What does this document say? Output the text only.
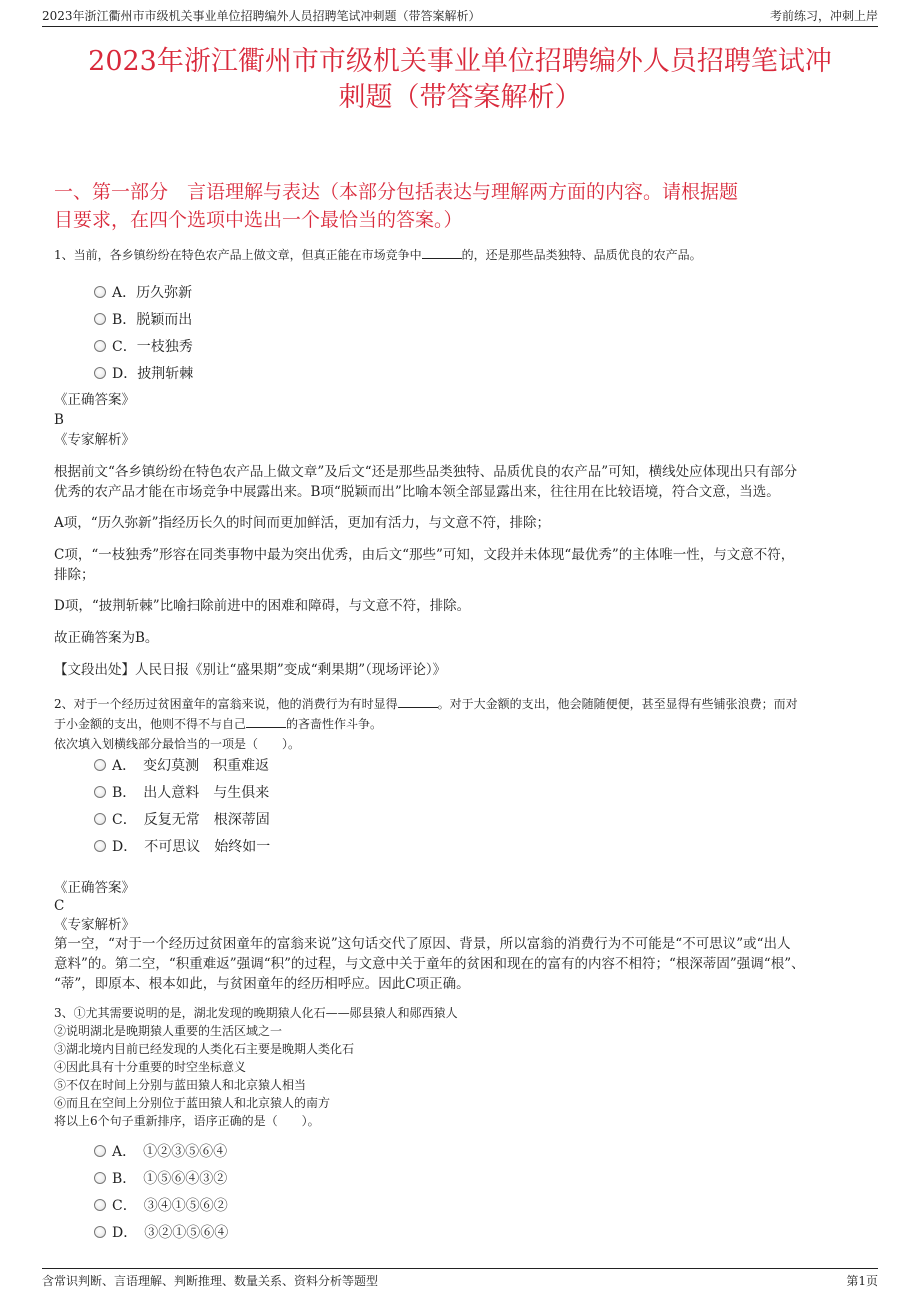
2023年浙江衢州市市级机关事业单位招聘编外人员招聘笔试冲刺题（带答案解析）	考前练习，冲刺上岸
2023年浙江衢州市市级机关事业单位招聘编外人员招聘笔试冲
刺题（带答案解析）
一、第一部分　言语理解与表达（本部分包括表达与理解两方面的内容。请根据题
目要求，在四个选项中选出一个最恰当的答案。）
1、当前，各乡镇纷纷在特色农产品上做文章，但真正能在市场竞争中	的，还是那些品类独特、品质优良的农产品。
A．历久弥新
B．脱颖而出
C．一枝独秀
D．披荆斩棘
《正确答案》
B
《专家解析》
根据前文“各乡镇纷纷在特色农产品上做文章”及后文“还是那些品类独特、品质优良的农产品”可知，横线处应体现出只有部分
优秀的农产品才能在市场竞争中展露出来。B项“脱颖而出”比喻本领全部显露出来，往往用在比较语境，符合文意，当选。
A项，“历久弥新”指经历长久的时间而更加鲜活，更加有活力，与文意不符，排除；
C项，“一枝独秀”形容在同类事物中最为突出优秀，由后文“那些”可知，文段并未体现“最优秀”的主体唯一性，与文意不符，
排除；
D项，“披荆斩棘”比喻扫除前进中的困难和障碍，与文意不符，排除。
故正确答案为B。
【文段出处】人民日报《别让“盛果期”变成“剩果期”（现场评论）》
2、对于一个经历过贫困童年的富翁来说，他的消费行为有时显得	。对于大金额的支出，他会随随便便，甚至显得有些铺张浪费；而对
于小金额的支出，他则不得不与自己	的吝啬性作斗争。
依次填入划横线部分最恰当的一项是（　　）。
A．　变幻莫测　积重难返
B．　出人意料　与生俱来
C．　反复无常　根深蒂固
D．　不可思议　始终如一
《正确答案》
C
《专家解析》
第一空，“对于一个经历过贫困童年的富翁来说”这句话交代了原因、背景，所以富翁的消费行为不可能是“不可思议”或“出人
意料”的。第二空，“积重难返”强调“积”的过程，与文意中关于童年的贫困和现在的富有的内容不相符；“根深蒂固”强调“根”、
“蒂”，即原本、根本如此，与贫困童年的经历相呼应。因此C项正确。
3、①尤其需要说明的是，湖北发现的晚期猿人化石——郧县猿人和郧西猿人
②说明湖北是晚期猿人重要的生活区域之一
③湖北境内目前已经发现的人类化石主要是晚期人类化石
④因此具有十分重要的时空坐标意义
⑤不仅在时间上分别与蓝田猿人和北京猿人相当
⑥而且在空间上分别位于蓝田猿人和北京猿人的南方
将以上6个句子重新排序，语序正确的是（　　）。
A．　①②③⑤⑥④
B．　①⑤⑥④③②
C．　③④①⑤⑥②
D．　③②①⑤⑥④
含常识判断、言语理解、判断推理、数量关系、资料分析等题型	第1页
